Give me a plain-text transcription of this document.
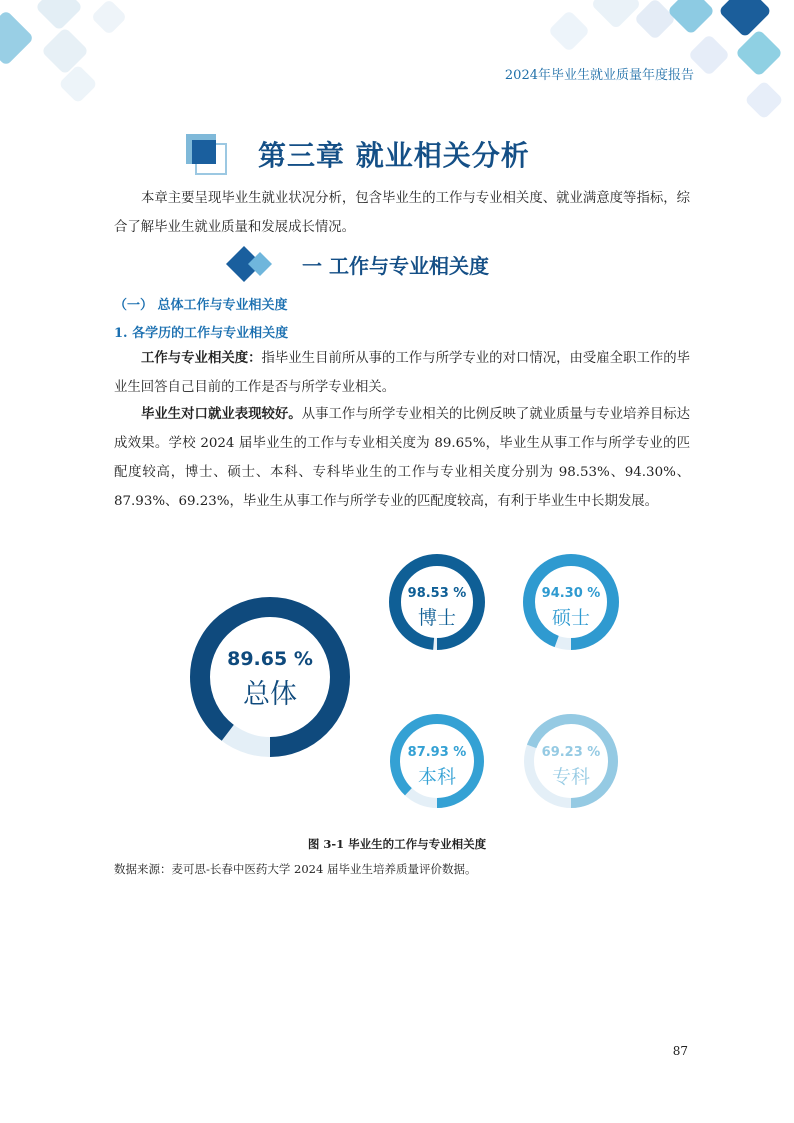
2024年毕业生就业质量年度报告
第三章 就业相关分析
本章主要呈现毕业生就业状况分析，包含毕业生的工作与专业相关度、就业满意度等指标，综合了解毕业生就业质量和发展成长情况。
一 工作与专业相关度
（一） 总体工作与专业相关度
1. 各学历的工作与专业相关度
工作与专业相关度：指毕业生目前所从事的工作与所学专业的对口情况，由受雇全职工作的毕业生回答自己目前的工作是否与所学专业相关。
毕业生对口就业表现较好。从事工作与所学专业相关的比例反映了就业质量与专业培养目标达成效果。学校 2024 届毕业生的工作与专业相关度为 89.65%，毕业生从事工作与所学专业的匹配度较高，博士、硕士、本科、专科毕业生的工作与专业相关度分别为 98.53%、94.30%、87.93%、69.23%，毕业生从事工作与所学专业的匹配度较高，有利于毕业生中长期发展。
89.65 %
总体
98.53 %
博士
94.30 %
硕士
87.93 %
本科
69.23 %
专科
图 3-1 毕业生的工作与专业相关度
数据来源：麦可思-长春中医药大学 2024 届毕业生培养质量评价数据。
87
